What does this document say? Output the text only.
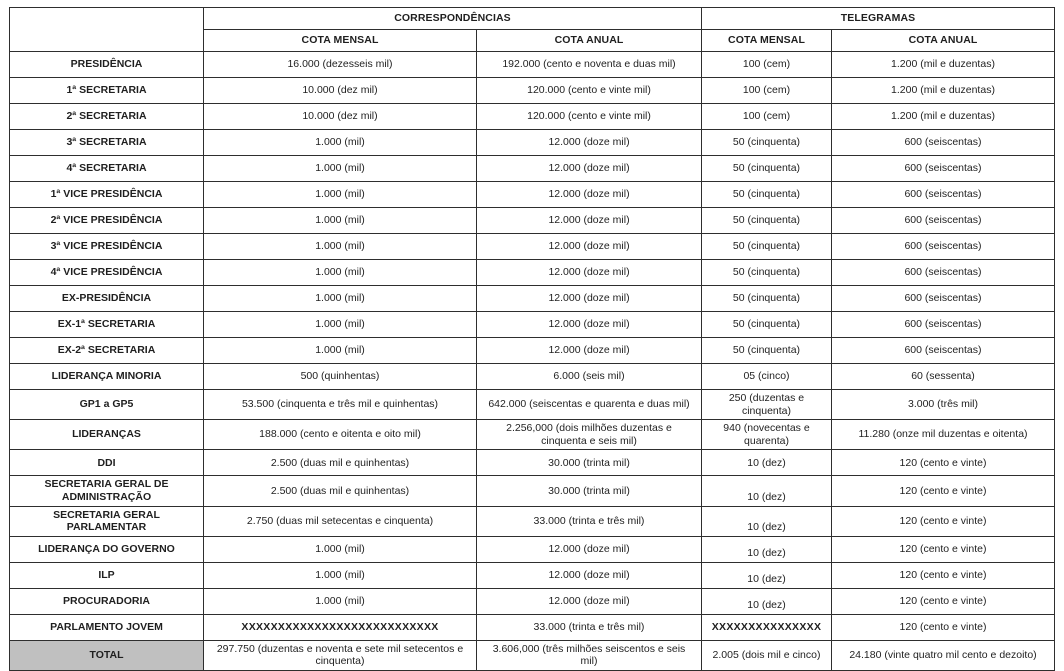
	CORRESPONDÊNCIAS		TELEGRAMAS	
	COTA MENSAL	COTA ANUAL	COTA MENSAL	COTA ANUAL
PRESIDÊNCIA	16.000 (dezesseis mil)	192.000 (cento e noventa e duas mil)	100 (cem)	1.200 (mil e duzentas)
1ª SECRETARIA	10.000 (dez mil)	120.000 (cento e vinte mil)	100 (cem)	1.200 (mil e duzentas)
2ª SECRETARIA	10.000 (dez mil)	120.000 (cento e vinte mil)	100 (cem)	1.200 (mil e duzentas)
3ª SECRETARIA	1.000 (mil)	12.000 (doze mil)	50 (cinquenta)	600 (seiscentas)
4ª SECRETARIA	1.000 (mil)	12.000 (doze mil)	50 (cinquenta)	600 (seiscentas)
1ª VICE PRESIDÊNCIA	1.000 (mil)	12.000 (doze mil)	50 (cinquenta)	600 (seiscentas)
2ª VICE PRESIDÊNCIA	1.000 (mil)	12.000 (doze mil)	50 (cinquenta)	600 (seiscentas)
3ª VICE PRESIDÊNCIA	1.000 (mil)	12.000 (doze mil)	50 (cinquenta)	600 (seiscentas)
4ª VICE PRESIDÊNCIA	1.000 (mil)	12.000 (doze mil)	50 (cinquenta)	600 (seiscentas)
EX-PRESIDÊNCIA	1.000 (mil)	12.000 (doze mil)	50 (cinquenta)	600 (seiscentas)
EX-1ª SECRETARIA	1.000 (mil)	12.000 (doze mil)	50 (cinquenta)	600 (seiscentas)
EX-2ª SECRETARIA	1.000 (mil)	12.000 (doze mil)	50 (cinquenta)	600 (seiscentas)
LIDERANÇA MINORIA	500 (quinhentas)	6.000 (seis mil)	05 (cinco)	60 (sessenta)
GP1 a GP5	53.500 (cinquenta e três mil e quinhentas)	642.000 (seiscentas e quarenta e duas mil)	250 (duzentas e cinquenta)	3.000 (três mil)
LIDERANÇAS	188.000 (cento e oitenta e oito mil)	2.256,000 (dois milhões duzentas e cinquenta e seis mil)	940 (novecentas e quarenta)	11.280 (onze mil duzentas e oitenta)
DDI	2.500 (duas mil e quinhentas)	30.000 (trinta mil)	10 (dez)	120 (cento e vinte)
SECRETARIA GERAL DE ADMINISTRAÇÃO	2.500 (duas mil e quinhentas)	30.000 (trinta mil)	10 (dez)	120 (cento e vinte)
SECRETARIA GERAL PARLAMENTAR	2.750 (duas mil setecentas e cinquenta)	33.000 (trinta e três mil)	10 (dez)	120 (cento e vinte)
LIDERANÇA DO GOVERNO	1.000 (mil)	12.000 (doze mil)	10 (dez)	120 (cento e vinte)
ILP	1.000 (mil)	12.000 (doze mil)	10 (dez)	120 (cento e vinte)
PROCURADORIA	1.000 (mil)	12.000 (doze mil)	10 (dez)	120 (cento e vinte)
PARLAMENTO JOVEM	XXXXXXXXXXXXXXXXXXXXXXXXXXX	33.000 (trinta e três mil)	XXXXXXXXXXXXXXX	120 (cento e vinte)
TOTAL	297.750 (duzentas e noventa e sete mil setecentos e cinquenta)	3.606,000 (três milhões seiscentos e seis mil)	2.005 (dois mil e cinco)	24.180 (vinte quatro mil cento e dezoito)
